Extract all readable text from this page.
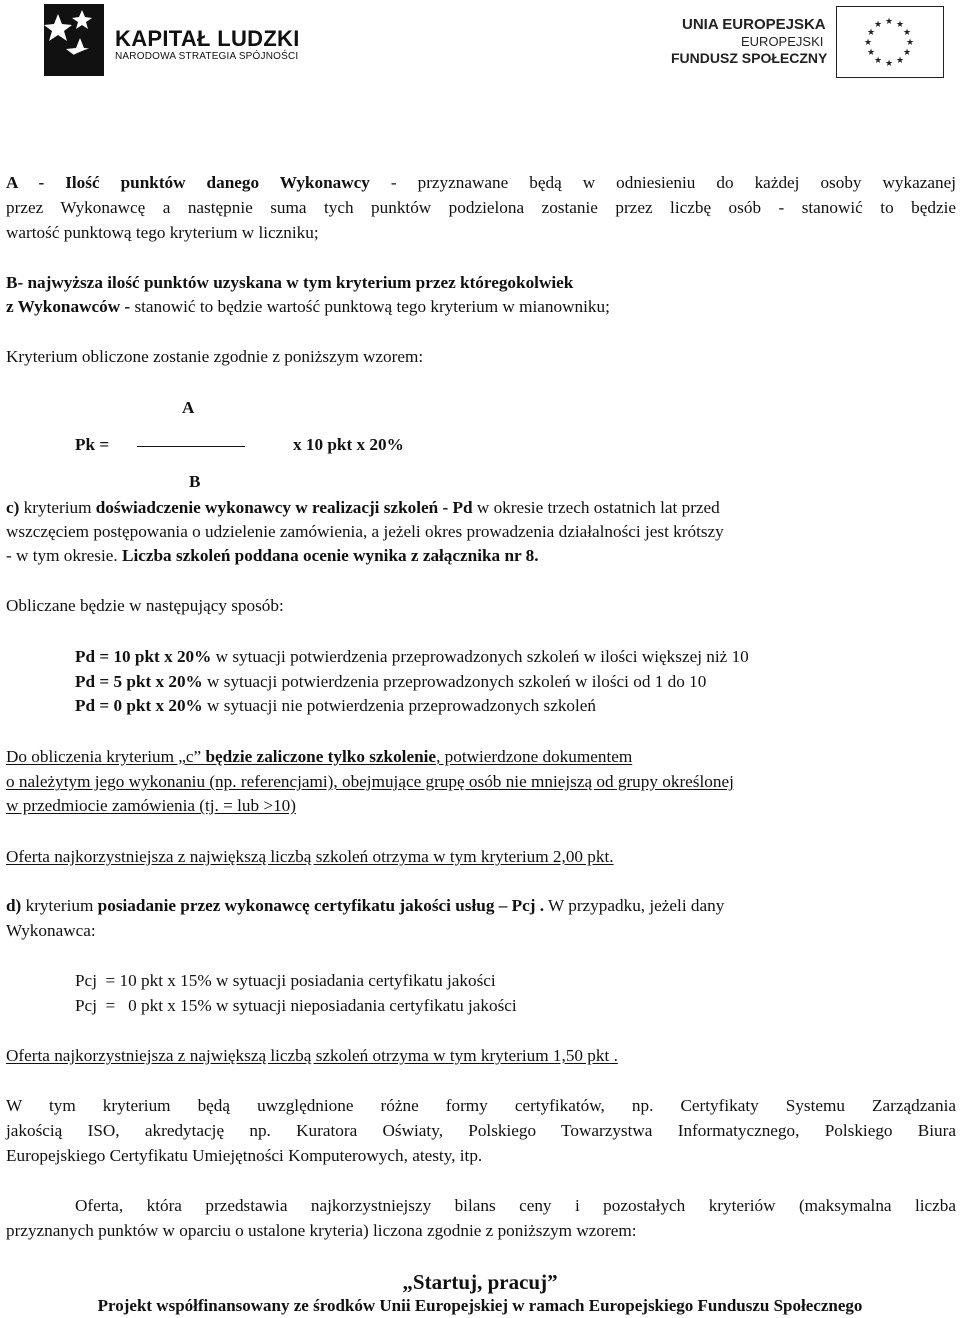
KAPITAŁ LUDZKI
NARODOWA STRATEGIA SPÓJNOŚCI
UNIA EUROPEJSKA
EUROPEJSKI
FUNDUSZ SPOŁECZNY
★ ★
★
★
★
★
★
★
★
★
★
★
A - Ilość punktów danego Wykonawcy - przyznawane będą w odniesieniu do każdej osoby wykazanej
przez Wykonawcę a następnie suma tych punktów podzielona zostanie przez liczbę osób - stanowić to będzie
wartość punktową tego kryterium w liczniku;
B- najwyższa ilość punktów uzyskana w tym kryterium przez któregokolwiek
z Wykonawców - stanowić to będzie wartość punktową tego kryterium w mianowniku;
Kryterium obliczone zostanie zgodnie z poniższym wzorem:
A
Pk =	x 10 pkt x 20%
B
c) kryterium doświadczenie wykonawcy w realizacji szkoleń - Pd w okresie trzech ostatnich lat przed
wszczęciem postępowania o udzielenie zamówienia, a jeżeli okres prowadzenia działalności jest krótszy
- w tym okresie. Liczba szkoleń poddana ocenie wynika z załącznika nr 8.
Obliczane będzie w następujący sposób:
Pd = 10 pkt x 20% w sytuacji potwierdzenia przeprowadzonych szkoleń w ilości większej niż 10
Pd = 5 pkt x 20% w sytuacji potwierdzenia przeprowadzonych szkoleń w ilości od 1 do 10
Pd = 0 pkt x 20% w sytuacji nie potwierdzenia przeprowadzonych szkoleń
Do obliczenia kryterium „c” będzie zaliczone tylko szkolenie, potwierdzone dokumentem
o należytym jego wykonaniu (np. referencjami), obejmujące grupę osób nie mniejszą od grupy określonej
w przedmiocie zamówienia (tj. = lub >10)
Oferta najkorzystniejsza z największą liczbą szkoleń otrzyma w tym kryterium 2,00 pkt.
d) kryterium posiadanie przez wykonawcę certyfikatu jakości usług – Pcj . W przypadku, jeżeli dany
Wykonawca:
Pcj  = 10 pkt x 15% w sytuacji posiadania certyfikatu jakości
Pcj  =   0 pkt x 15% w sytuacji nieposiadania certyfikatu jakości
Oferta najkorzystniejsza z największą liczbą szkoleń otrzyma w tym kryterium 1,50 pkt .
W tym kryterium będą uwzględnione różne formy certyfikatów, np. Certyfikaty Systemu Zarządzania
jakością ISO, akredytację np. Kuratora Oświaty, Polskiego Towarzystwa Informatycznego, Polskiego Biura
Europejskiego Certyfikatu Umiejętności Komputerowych, atesty, itp.
Oferta, która przedstawia najkorzystniejszy bilans ceny i pozostałych kryteriów (maksymalna liczba
przyznanych punktów w oparciu o ustalone kryteria) liczona zgodnie z poniższym wzorem:
„Startuj, pracuj”
Projekt współfinansowany ze środków Unii Europejskiej w ramach Europejskiego Funduszu Społecznego
